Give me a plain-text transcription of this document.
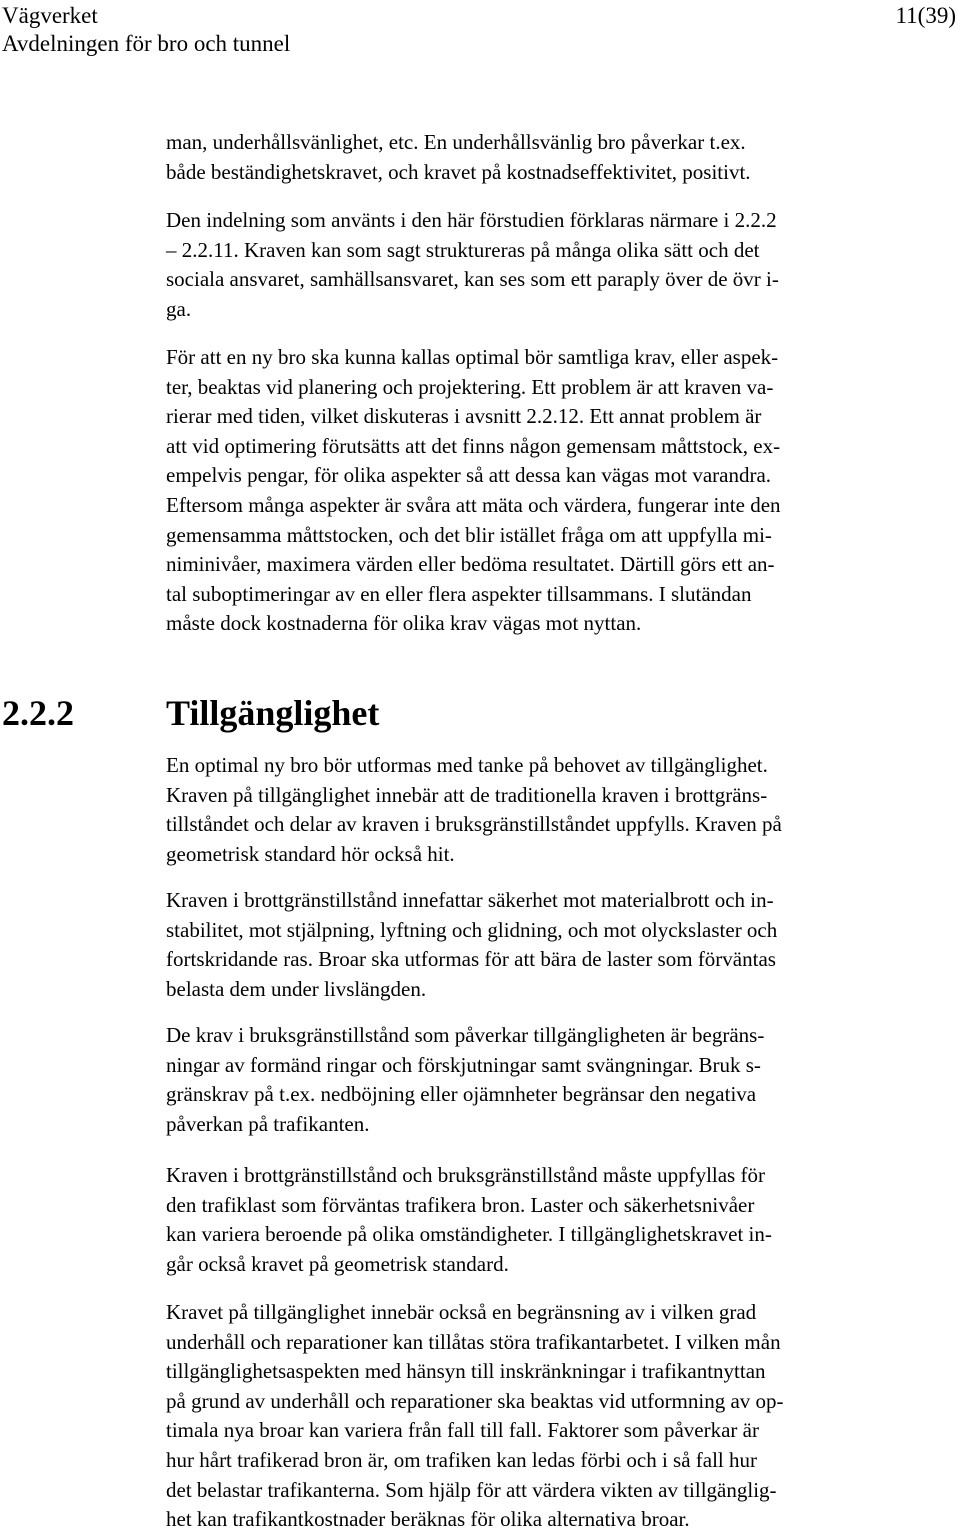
Vägverket
Avdelningen för bro och tunnel
11(39)
man, underhållsvänlighet, etc. En underhållsvänlig bro påverkar t.ex.
både beständighetskravet, och kravet på kostnadseffektivitet, positivt.
Den indelning som använts i den här förstudien förklaras närmare i 2.2.2
– 2.2.11. Kraven kan som sagt struktureras på många olika sätt och det
sociala ansvaret, samhällsansvaret, kan ses som ett paraply över de övr i-
ga.
För att en ny bro ska kunna kallas optimal bör samtliga krav, eller aspek-
ter, beaktas vid planering och projektering. Ett problem är att kraven va-
rierar med tiden, vilket diskuteras i avsnitt 2.2.12. Ett annat problem är
att vid optimering förutsätts att det finns någon gemensam måttstock, ex-
empelvis pengar, för olika aspekter så att dessa kan vägas mot varandra.
Eftersom många aspekter är svåra att mäta och värdera, fungerar inte den
gemensamma måttstocken, och det blir istället fråga om att uppfylla mi-
niminivåer, maximera värden eller bedöma resultatet. Därtill görs ett an-
tal suboptimeringar av en eller flera aspekter tillsammans. I slutändan
måste dock kostnaderna för olika krav vägas mot nyttan.
2.2.2	Tillgänglighet
En optimal ny bro bör utformas med tanke på behovet av tillgänglighet.
Kraven på tillgänglighet innebär att de traditionella kraven i brottgräns-
tillståndet och delar av kraven i bruksgränstillståndet uppfylls. Kraven på
geometrisk standard hör också hit.
Kraven i brottgränstillstånd innefattar säkerhet mot materialbrott och in-
stabilitet, mot stjälpning, lyftning och glidning, och mot olyckslaster och
fortskridande ras. Broar ska utformas för att bära de laster som förväntas
belasta dem under livslängden.
De krav i bruksgränstillstånd som påverkar tillgängligheten är begräns-
ningar av formänd ringar och förskjutningar samt svängningar. Bruk s-
gränskrav på t.ex. nedböjning eller ojämnheter begränsar den negativa
påverkan på trafikanten.
Kraven i brottgränstillstånd och bruksgränstillstånd måste uppfyllas för
den trafiklast som förväntas trafikera bron. Laster och säkerhetsnivåer
kan variera beroende på olika omständigheter. I tillgänglighetskravet in-
går också kravet på geometrisk standard.
Kravet på tillgänglighet innebär också en begränsning av i vilken grad
underhåll och reparationer kan tillåtas störa trafikantarbetet. I vilken mån
tillgänglighetsaspekten med hänsyn till inskränkningar i trafikantnyttan
på grund av underhåll och reparationer ska beaktas vid utformning av op-
timala nya broar kan variera från fall till fall. Faktorer som påverkar är
hur hårt trafikerad bron är, om trafiken kan ledas förbi och i så fall hur
det belastar trafikanterna. Som hjälp för att värdera vikten av tillgänglig-
het kan trafikantkostnader beräknas för olika alternativa broar.
